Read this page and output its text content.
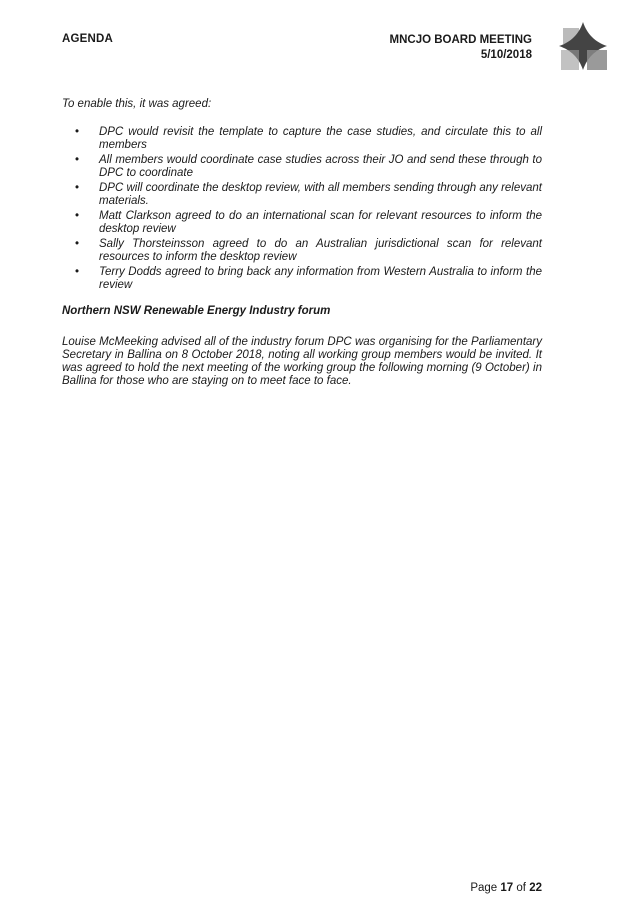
AGENDA	MNCJO BOARD MEETING
5/10/2018
To enable this, it was agreed:
• DPC would revisit the template to capture the case studies, and circulate this to all members
• All members would coordinate case studies across their JO and send these through to DPC to coordinate
• DPC will coordinate the desktop review, with all members sending through any relevant materials.
• Matt Clarkson agreed to do an international scan for relevant resources to inform the desktop review
• Sally Thorsteinsson agreed to do an Australian jurisdictional scan for relevant resources to inform the desktop review
• Terry Dodds agreed to bring back any information from Western Australia to inform the review
Northern NSW Renewable Energy Industry forum
Louise McMeeking advised all of the industry forum DPC was organising for the Parliamentary Secretary in Ballina on 8 October 2018, noting all working group members would be invited. It was agreed to hold the next meeting of the working group the following morning (9 October) in Ballina for those who are staying on to meet face to face.
Page 17 of 22
